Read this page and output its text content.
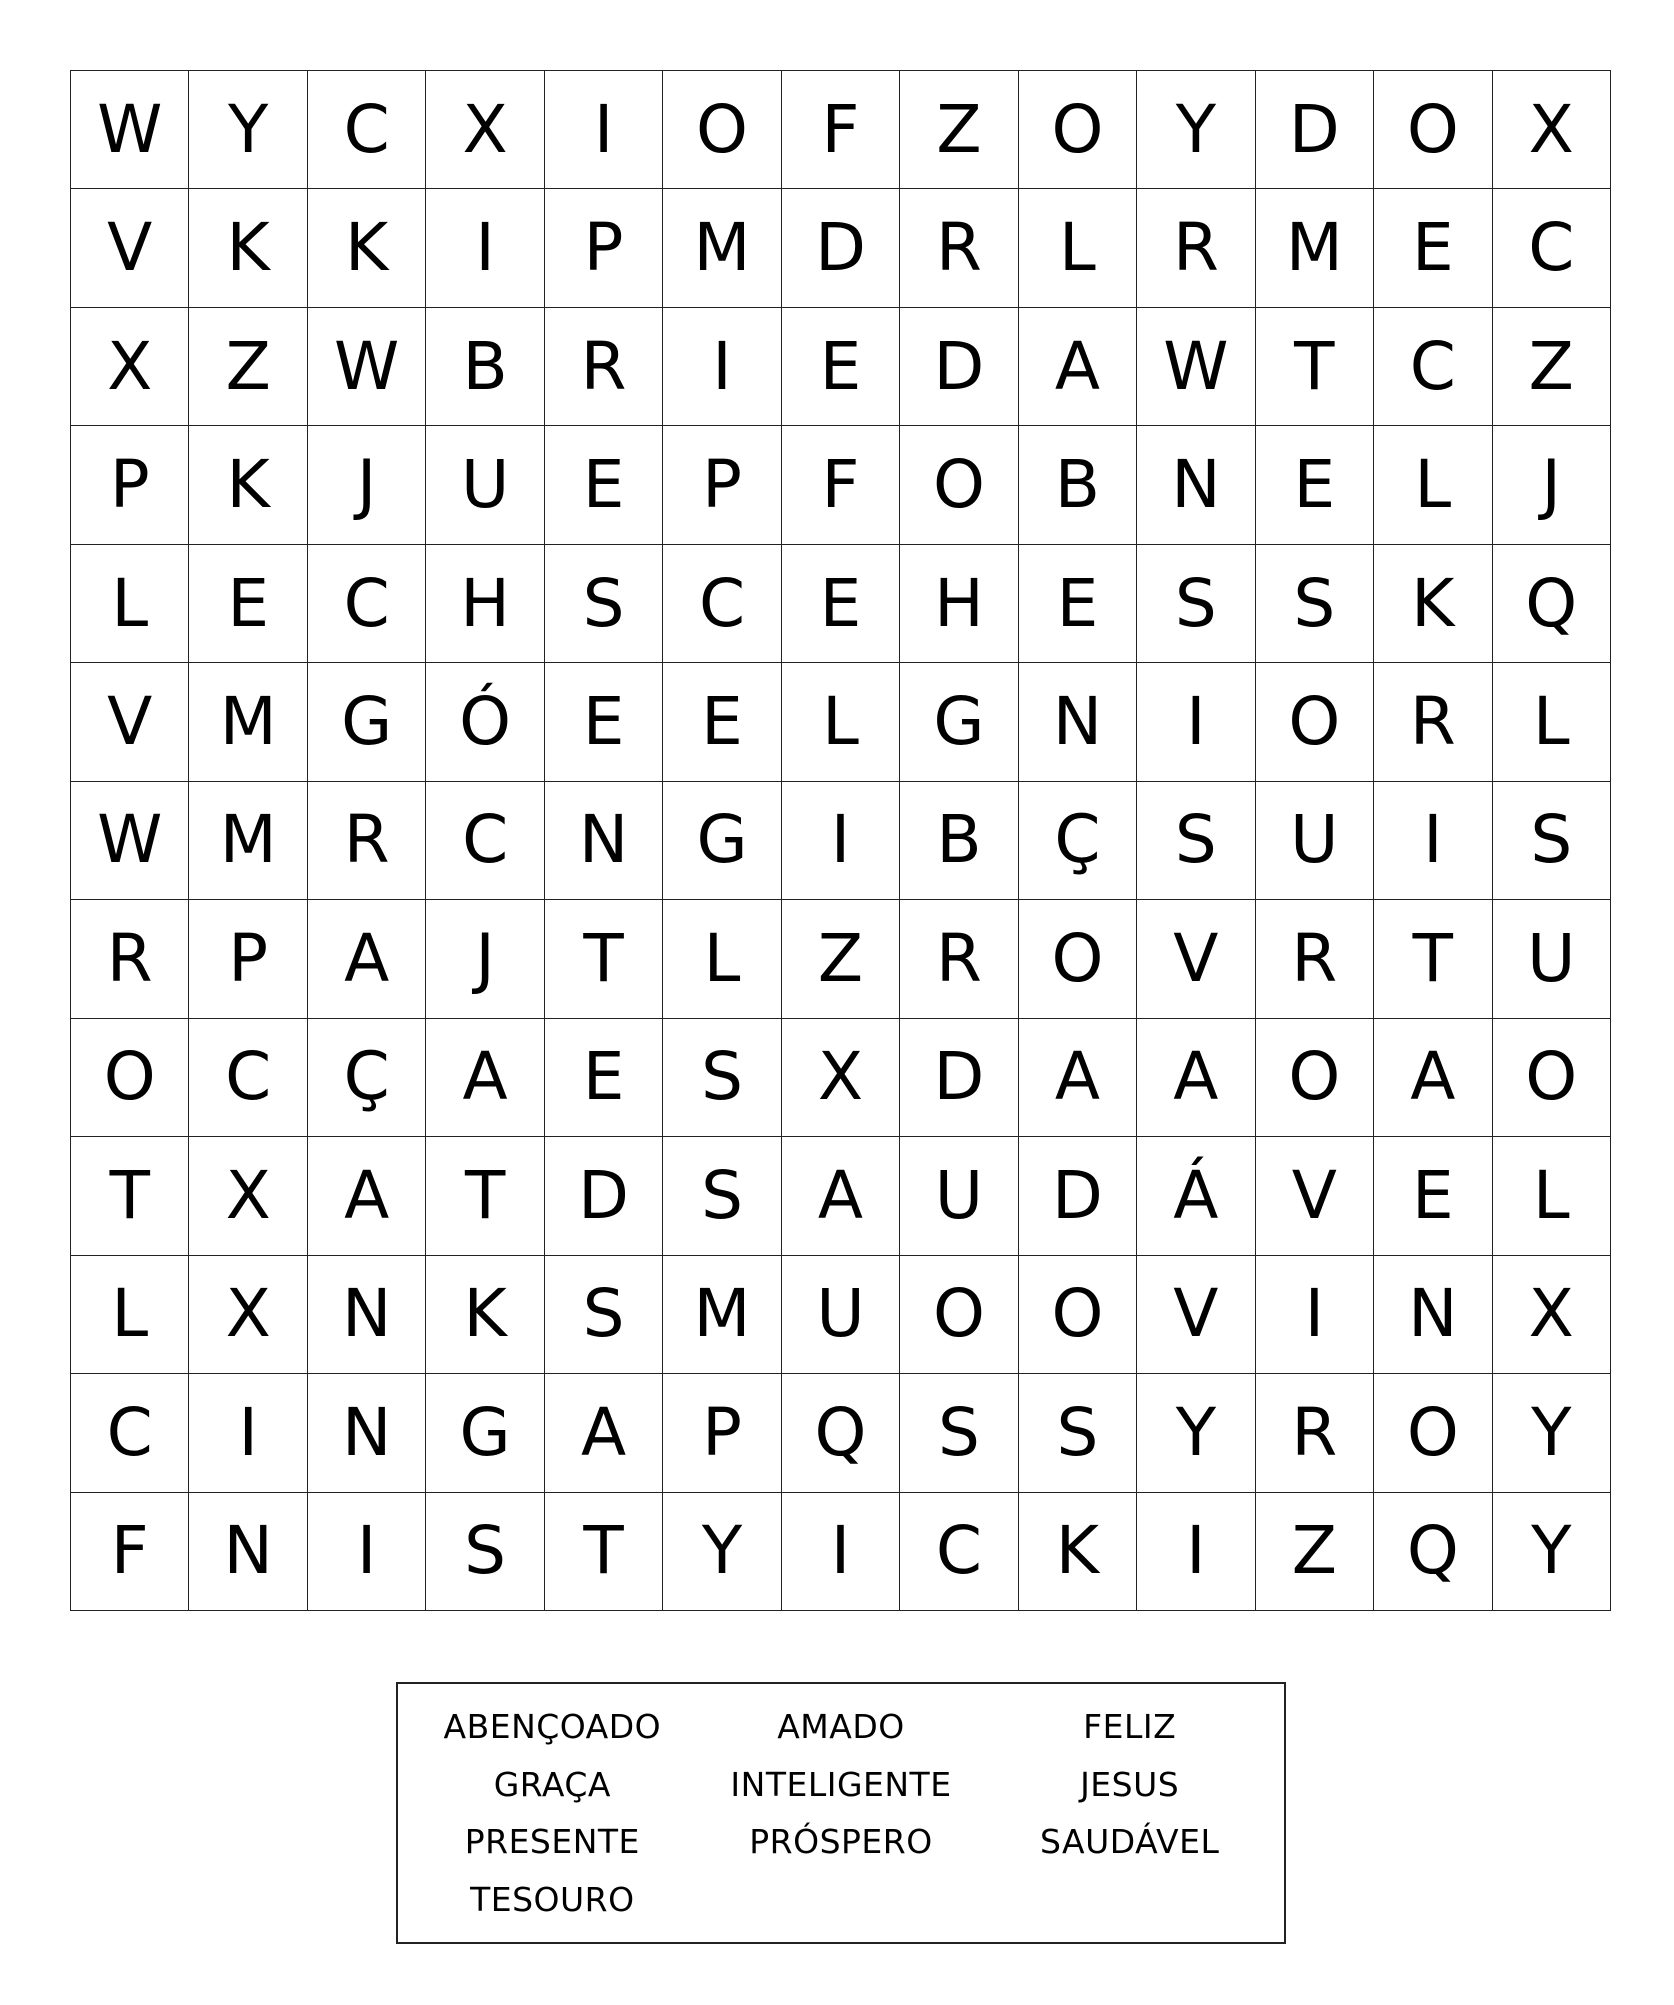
W Y	C	X	I	O	F	Z	O	Y	D	O	X
V	K	K	I	P	M D	R	L	R	M	E	C
X	Z W B	R	I	E	D	A W T	C	Z
P	K	J	U	E	P	F	O	B	N	E	L	J
L	E	C	H	S	C	E	H	E	S	S	K	Q
V	M G	Ó	E	E	L	G	N	I	O	R	L
W M	R	C	N	G	I	B	Ç	S	U	I	S
R	P	A	J	T	L	Z	R	O	V	R	T	U
O	C	Ç	A	E	S	X	D	A	A	O	A	O
T	X	A	T	D	S	A	U	D	Á	V	E	L
L	X	N	K	S	M U	O	O	V	I	N	X
C	I	N	G	A	P	Q	S	S	Y	R	O	Y
F	N	I	S	T	Y	I	C	K	I	Z	Q	Y
ABENÇOADO	AMADO	FELIZ
GRAÇA	INTELIGENTE	JESUS
PRESENTE	PRÓSPERO	SAUDÁVEL
TESOURO
